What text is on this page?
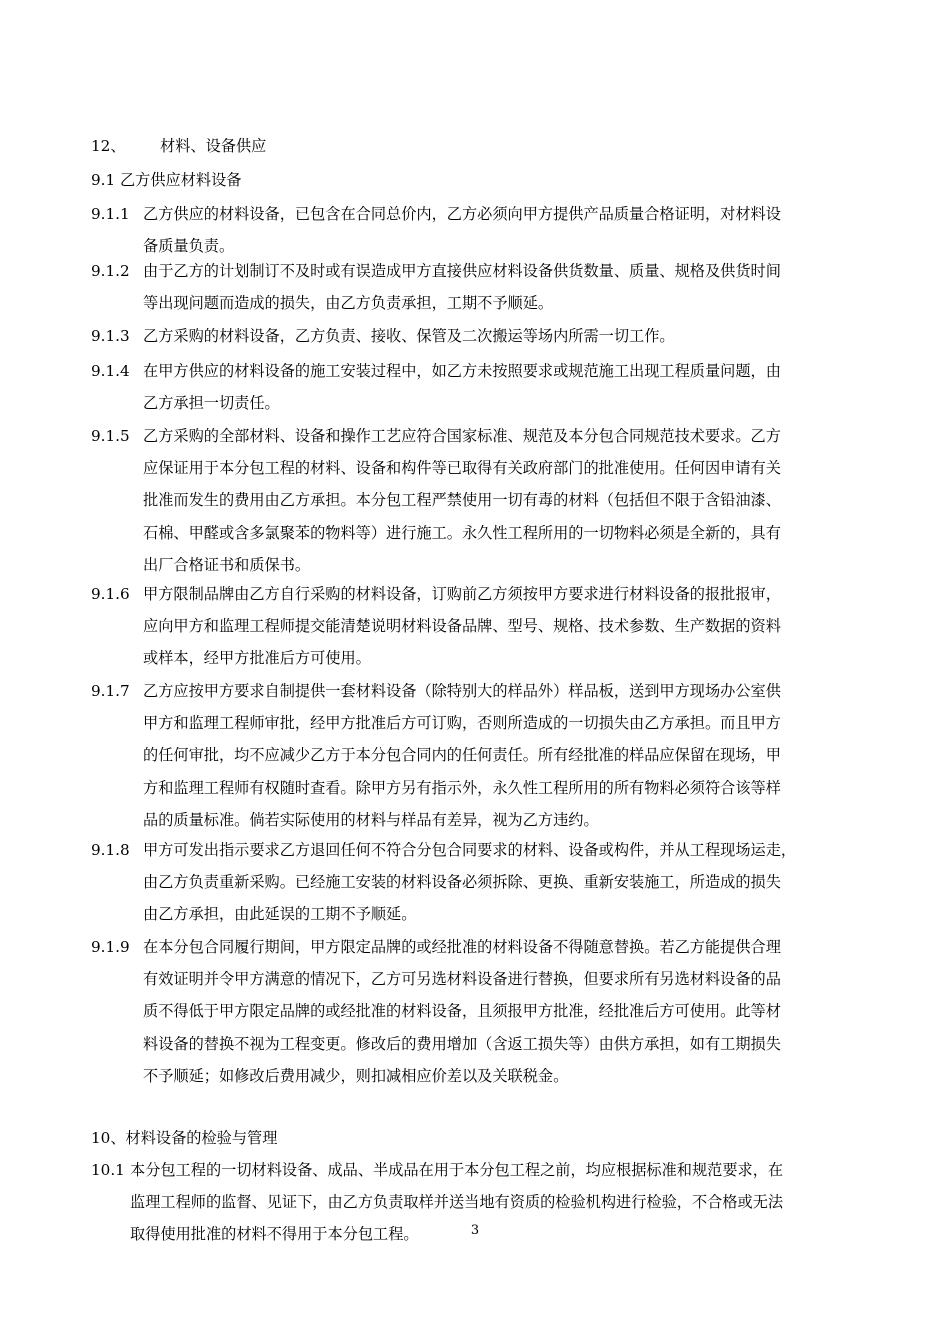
12、 材料、设备供应
9.1 乙方供应材料设备
9.1.1 乙方供应的材料设备，已包含在合同总价内，乙方必须向甲方提供产品质量合格证明，对材料设
备质量负责。
9.1.2 由于乙方的计划制订不及时或有误造成甲方直接供应材料设备供货数量、质量、规格及供货时间
等出现问题而造成的损失，由乙方负责承担，工期不予顺延。
9.1.3 乙方采购的材料设备，乙方负责、接收、保管及二次搬运等场内所需一切工作。
9.1.4 在甲方供应的材料设备的施工安装过程中，如乙方未按照要求或规范施工出现工程质量问题，由
乙方承担一切责任。
9.1.5 乙方采购的全部材料、设备和操作工艺应符合国家标准、规范及本分包合同规范技术要求。乙方
应保证用于本分包工程的材料、设备和构件等已取得有关政府部门的批准使用。任何因申请有关
批准而发生的费用由乙方承担。本分包工程严禁使用一切有毒的材料（包括但不限于含铅油漆、
石棉、甲醛或含多氯聚苯的物料等）进行施工。永久性工程所用的一切物料必须是全新的，具有
出厂合格证书和质保书。
9.1.6 甲方限制品牌由乙方自行采购的材料设备，订购前乙方须按甲方要求进行材料设备的报批报审，
应向甲方和监理工程师提交能清楚说明材料设备品牌、型号、规格、技术参数、生产数据的资料
或样本，经甲方批准后方可使用。
9.1.7 乙方应按甲方要求自制提供一套材料设备（除特别大的样品外）样品板，送到甲方现场办公室供
甲方和监理工程师审批，经甲方批准后方可订购，否则所造成的一切损失由乙方承担。而且甲方
的任何审批，均不应减少乙方于本分包合同内的任何责任。所有经批准的样品应保留在现场，甲
方和监理工程师有权随时查看。除甲方另有指示外，永久性工程所用的所有物料必须符合该等样
品的质量标准。倘若实际使用的材料与样品有差异，视为乙方违约。
9.1.8 甲方可发出指示要求乙方退回任何不符合分包合同要求的材料、设备或构件，并从工程现场运走，
由乙方负责重新采购。已经施工安装的材料设备必须拆除、更换、重新安装施工，所造成的损失
由乙方承担，由此延误的工期不予顺延。
9.1.9 在本分包合同履行期间，甲方限定品牌的或经批准的材料设备不得随意替换。若乙方能提供合理
有效证明并令甲方满意的情况下，乙方可另选材料设备进行替换，但要求所有另选材料设备的品
质不得低于甲方限定品牌的或经批准的材料设备，且须报甲方批准，经批准后方可使用。此等材
料设备的替换不视为工程变更。修改后的费用增加（含返工损失等）由供方承担，如有工期损失
不予顺延；如修改后费用减少，则扣减相应价差以及关联税金。
10、材料设备的检验与管理
10.1 本分包工程的一切材料设备、成品、半成品在用于本分包工程之前，均应根据标准和规范要求，在
监理工程师的监督、见证下，由乙方负责取样并送当地有资质的检验机构进行检验，不合格或无法
取得使用批准的材料不得用于本分包工程。	3
